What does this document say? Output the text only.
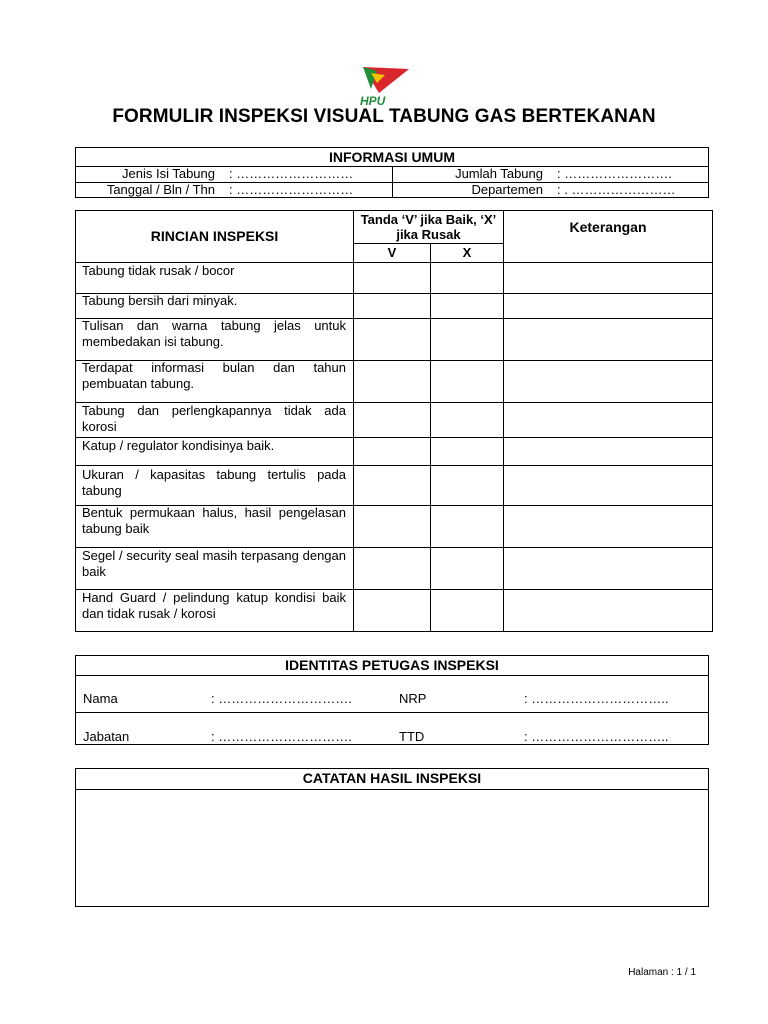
HPU
FORMULIR INSPEKSI VISUAL TABUNG GAS BERTEKANAN
INFORMASI UMUM
Jenis Isi Tabung : ………………………	Jumlah Tabung : …………………….
Tanggal / Bln / Thn : ………………………	Departemen : . ……………………
RINCIAN INSPEKSI
Tanda ‘V’ jika Baik, ‘X’ jika Rusak	Keterangan
V	X
Tabung tidak rusak / bocor
Tabung bersih dari minyak.
Tulisan dan warna tabung jelas untuk membedakan isi tabung.
Terdapat informasi bulan dan tahun pembuatan tabung.
Tabung dan perlengkapannya tidak ada korosi
Katup / regulator kondisinya baik.
Ukuran / kapasitas tabung tertulis pada tabung
Bentuk permukaan halus, hasil pengelasan tabung baik
Segel / security seal masih terpasang dengan baik
Hand Guard / pelindung katup kondisi baik dan tidak rusak / korosi
IDENTITAS PETUGAS INSPEKSI
Nama	: ………………………….	NRP	: …………………………..
Jabatan	: ………………………….	TTD	: …………………………..
CATATAN HASIL INSPEKSI
Halaman : 1 / 1
